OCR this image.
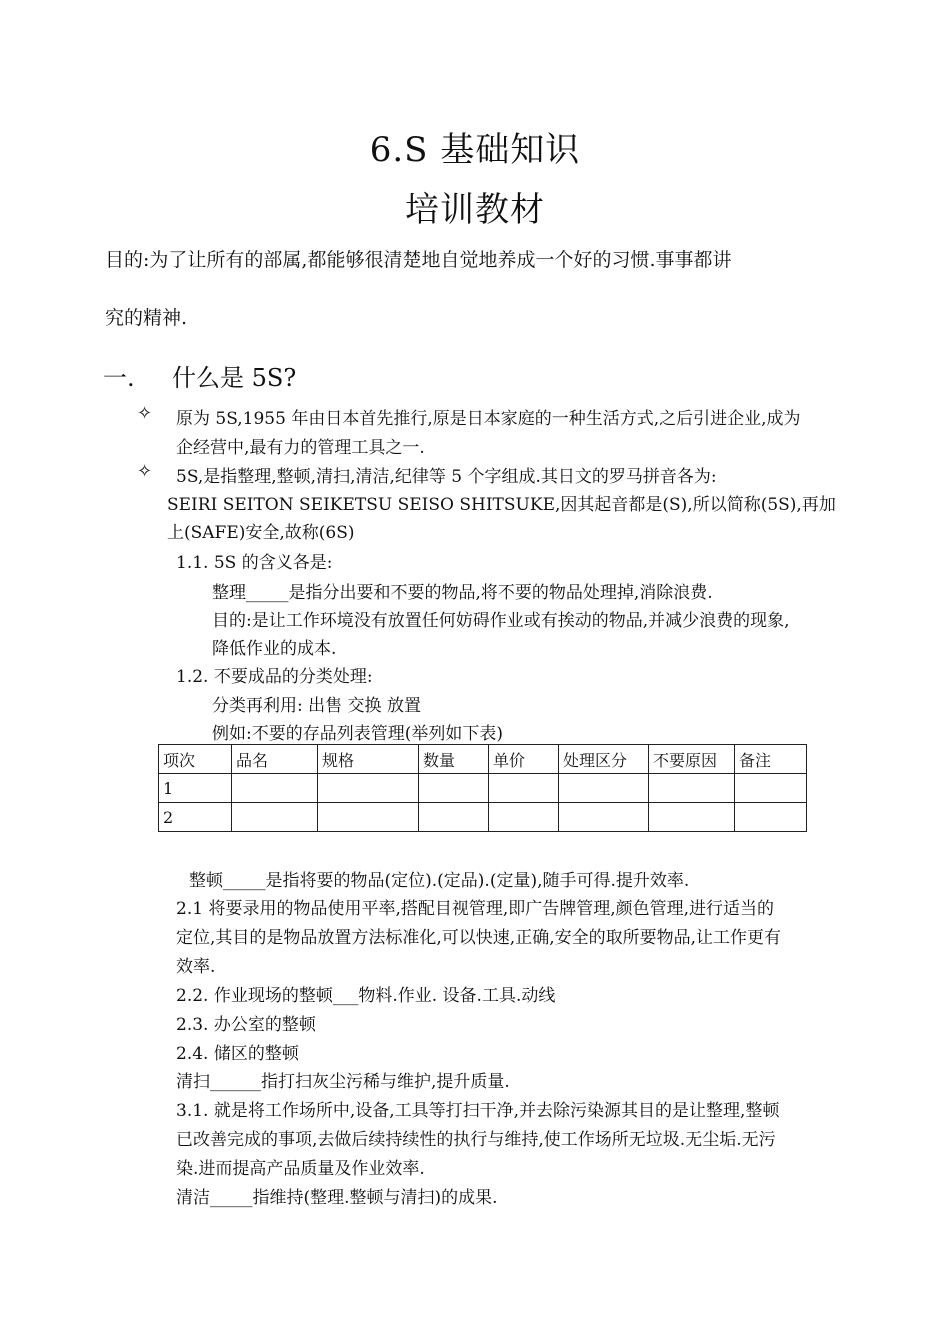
6.S 基础知识
培训教材
目的:为了让所有的部属,都能够很清楚地自觉地养成一个好的习惯.事事都讲
究的精神.
一. 什么是 5S?
✧ 原为 5S,1955 年由日本首先推行,原是日本家庭的一种生活方式,之后引进企业,成为
企经营中,最有力的管理工具之一.
✧ 5S,是指整理,整顿,清扫,清洁,纪律等 5 个字组成.其日文的罗马拼音各为:
SEIRI SEITON SEIKETSU SEISO SHITSUKE,因其起音都是(S),所以简称(5S),再加
上(SAFE)安全,故称(6S)
1.1. 5S 的含义各是:
整理_____是指分出要和不要的物品,将不要的物品处理掉,消除浪费.
目的:是让工作环境没有放置任何妨碍作业或有挨动的物品,并减少浪费的现象,
降低作业的成本.
1.2. 不要成品的分类处理:
分类再利用: 出售 交换 放置
例如:不要的存品列表管理(举列如下表)
项次	品名	规格	数量	单价	处理区分	不要原因	备注
1							
2							
整顿_____是指将要的物品(定位).(定品).(定量),随手可得.提升效率.
2.1 将要录用的物品使用平率,搭配目视管理,即广告牌管理,颜色管理,进行适当的
定位,其目的是物品放置方法标准化,可以快速,正确,安全的取所要物品,让工作更有
效率.
2.2. 作业现场的整顿___物料.作业. 设备.工具.动线
2.3. 办公室的整顿
2.4. 储区的整顿
清扫______指打扫灰尘污稀与维护,提升质量.
3.1. 就是将工作场所中,设备,工具等打扫干净,并去除污染源其目的是让整理,整顿
已改善完成的事项,去做后续持续性的执行与维持,使工作场所无垃圾.无尘垢.无污
染.进而提高产品质量及作业效率.
清洁_____指维持(整理.整顿与清扫)的成果.
